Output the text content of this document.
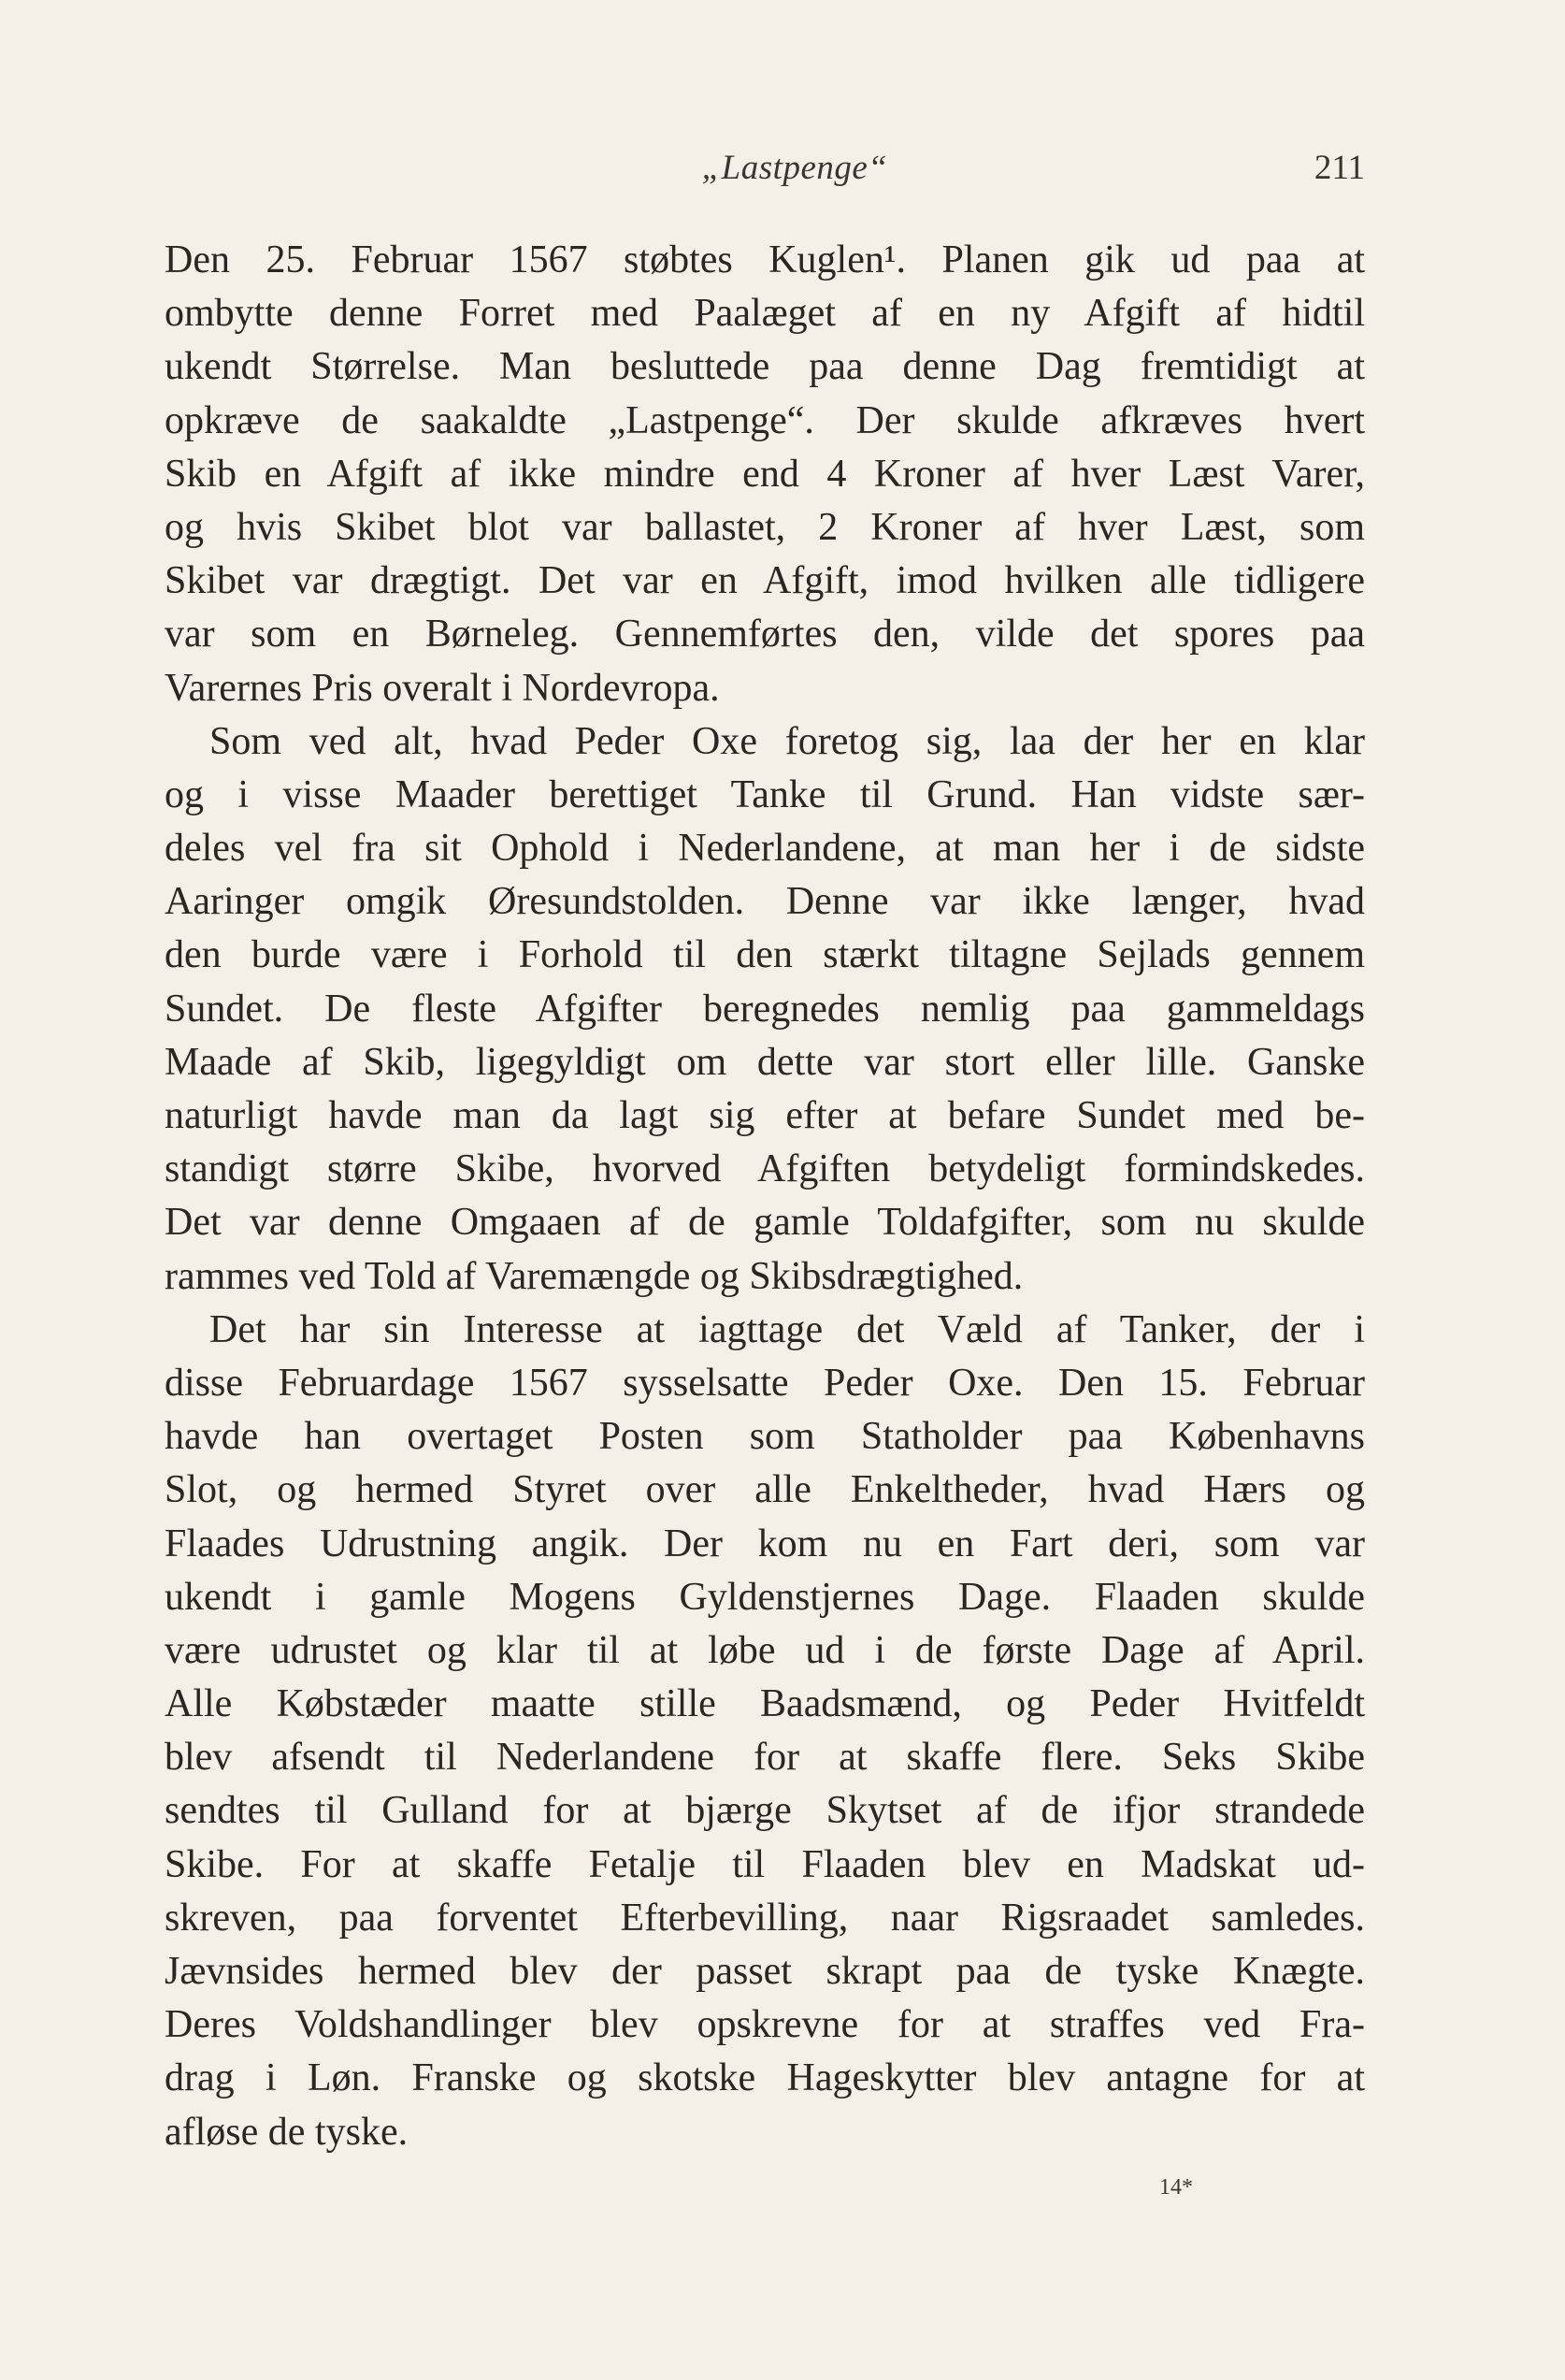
„Lastpenge“	211
Den 25. Februar 1567 støbtes Kuglen¹. Planen gik ud paa at
ombytte denne Forret med Paalæget af en ny Afgift af hidtil
ukendt Størrelse. Man besluttede paa denne Dag fremtidigt at
opkræve de saakaldte „Lastpenge“. Der skulde afkræves hvert
Skib en Afgift af ikke mindre end 4 Kroner af hver Læst Varer,
og hvis Skibet blot var ballastet, 2 Kroner af hver Læst, som
Skibet var drægtigt. Det var en Afgift, imod hvilken alle tidligere
var som en Børneleg. Gennemførtes den, vilde det spores paa
Varernes Pris overalt i Nordevropa.
Som ved alt, hvad Peder Oxe foretog sig, laa der her en klar
og i visse Maader berettiget Tanke til Grund. Han vidste sær-
deles vel fra sit Ophold i Nederlandene, at man her i de sidste
Aaringer omgik Øresundstolden. Denne var ikke længer, hvad
den burde være i Forhold til den stærkt tiltagne Sejlads gennem
Sundet. De fleste Afgifter beregnedes nemlig paa gammeldags
Maade af Skib, ligegyldigt om dette var stort eller lille. Ganske
naturligt havde man da lagt sig efter at befare Sundet med be-
standigt større Skibe, hvorved Afgiften betydeligt formindskedes.
Det var denne Omgaaen af de gamle Toldafgifter, som nu skulde
rammes ved Told af Varemængde og Skibsdrægtighed.
Det har sin Interesse at iagttage det Væld af Tanker, der i
disse Februardage 1567 sysselsatte Peder Oxe. Den 15. Februar
havde han overtaget Posten som Statholder paa Københavns
Slot, og hermed Styret over alle Enkeltheder, hvad Hærs og
Flaades Udrustning angik. Der kom nu en Fart deri, som var
ukendt i gamle Mogens Gyldenstjernes Dage. Flaaden skulde
være udrustet og klar til at løbe ud i de første Dage af April.
Alle Købstæder maatte stille Baadsmænd, og Peder Hvitfeldt
blev afsendt til Nederlandene for at skaffe flere. Seks Skibe
sendtes til Gulland for at bjærge Skytset af de ifjor strandede
Skibe. For at skaffe Fetalje til Flaaden blev en Madskat ud-
skreven, paa forventet Efterbevilling, naar Rigsraadet samledes.
Jævnsides hermed blev der passet skrapt paa de tyske Knægte.
Deres Voldshandlinger blev opskrevne for at straffes ved Fra-
drag i Løn. Franske og skotske Hageskytter blev antagne for at
afløse de tyske.
14*
